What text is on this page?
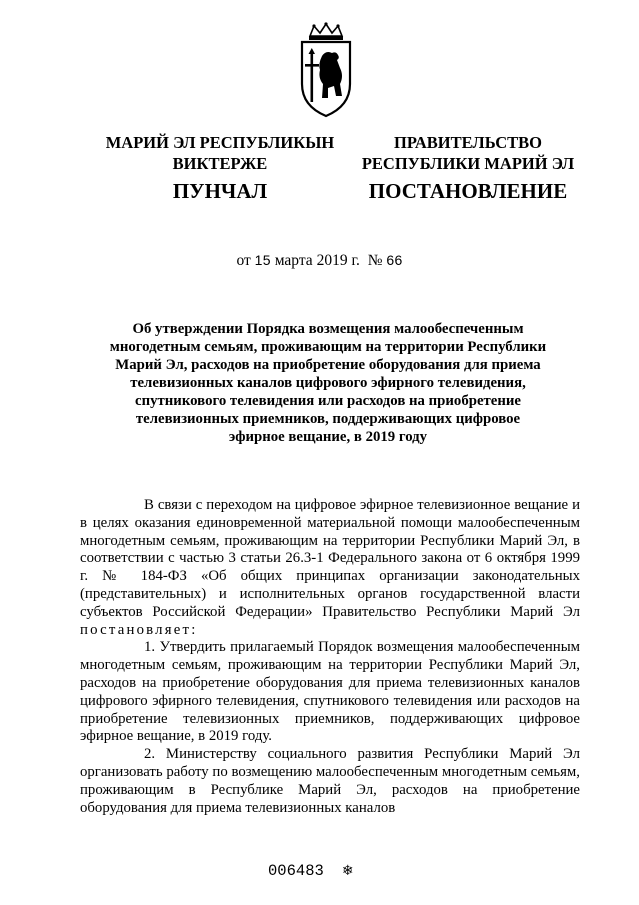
МАРИЙ ЭЛ РЕСПУБЛИКЫН
ВИКТЕРЖЕ
ПУНЧАЛ
ПРАВИТЕЛЬСТВО
РЕСПУБЛИКИ МАРИЙ ЭЛ
ПОСТАНОВЛЕНИЕ
от 15 марта 2019 г. № 66
Об утверждении Порядка возмещения малообеспеченным многодетным семьям, проживающим на территории Республики Марий Эл, расходов на приобретение оборудования для приема телевизионных каналов цифрового эфирного телевидения, спутникового телевидения или расходов на приобретение телевизионных приемников, поддерживающих цифровое эфирное вещание, в 2019 году

В связи с переходом на цифровое эфирное телевизионное вещание и в целях оказания единовременной материальной помощи малообеспеченным многодетным семьям, проживающим на территории Республики Марий Эл, в соответствии с частью 3 статьи 26.3-1 Федерального закона от 6 октября 1999 г. № 184-ФЗ «Об общих принципах организации законодательных (представительных) и исполнительных органов государственной власти субъектов Российской Федерации» Правительство Республики Марий Эл постановляет:

1. Утвердить прилагаемый Порядок возмещения малообеспеченным многодетным семьям, проживающим на территории Республики Марий Эл, расходов на приобретение оборудования для приема телевизионных каналов цифрового эфирного телевидения, спутникового телевидения или расходов на приобретение телевизионных приемников, поддерживающих цифровое эфирное вещание, в 2019 году.

2. Министерству социального развития Республики Марий Эл организовать работу по возмещению малообеспеченным многодетным семьям, проживающим в Республике Марий Эл, расходов на приобретение оборудования для приема телевизионных каналов

006483 ❄
